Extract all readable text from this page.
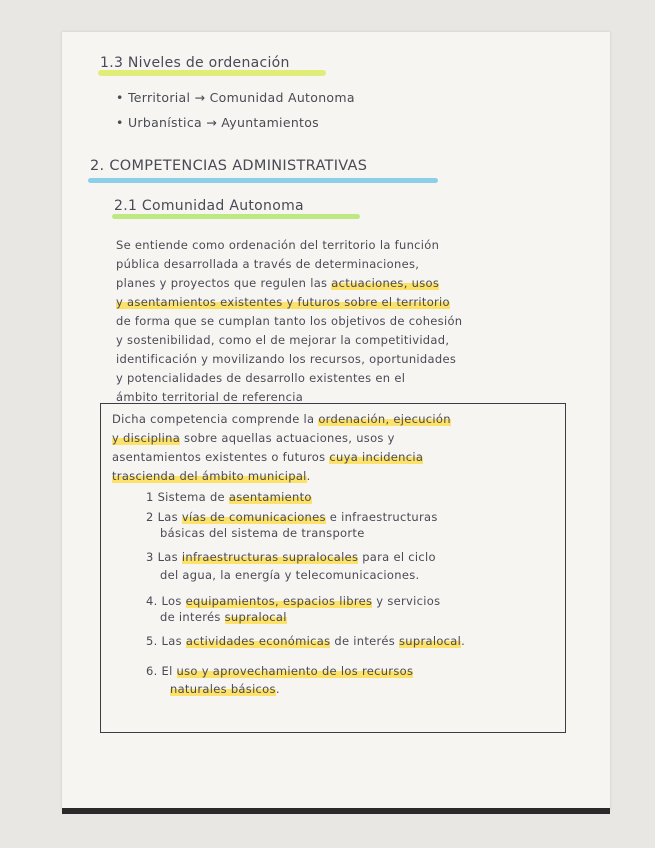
1.3 Niveles de ordenación
• Territorial → Comunidad Autonoma
• Urbanística → Ayuntamientos
2. COMPETENCIAS ADMINISTRATIVAS
2.1 Comunidad Autonoma
Se entiende como ordenación del territorio la función
pública desarrollada a través de determinaciones,
planes y proyectos que regulen las actuaciones, usos
y asentamientos existentes y futuros sobre el territorio
de forma que se cumplan tanto los objetivos de cohesión
y sostenibilidad, como el de mejorar la competitividad,
identificación y movilizando los recursos, oportunidades
y potencialidades de desarrollo existentes en el
ámbito territorial de referencia
Dicha competencia comprende la ordenación, ejecución
y disciplina sobre aquellas actuaciones, usos y
asentamientos existentes o futuros cuya incidencia
trascienda del ámbito municipal.
1 Sistema de asentamiento
2 Las vías de comunicaciones e infraestructuras
básicas del sistema de transporte
3 Las infraestructuras supralocales para el ciclo
del agua, la energía y telecomunicaciones.
4. Los equipamientos, espacios libres y servicios
de interés supralocal
5. Las actividades económicas de interés supralocal.
6. El uso y aprovechamiento de los recursos
naturales básicos.
